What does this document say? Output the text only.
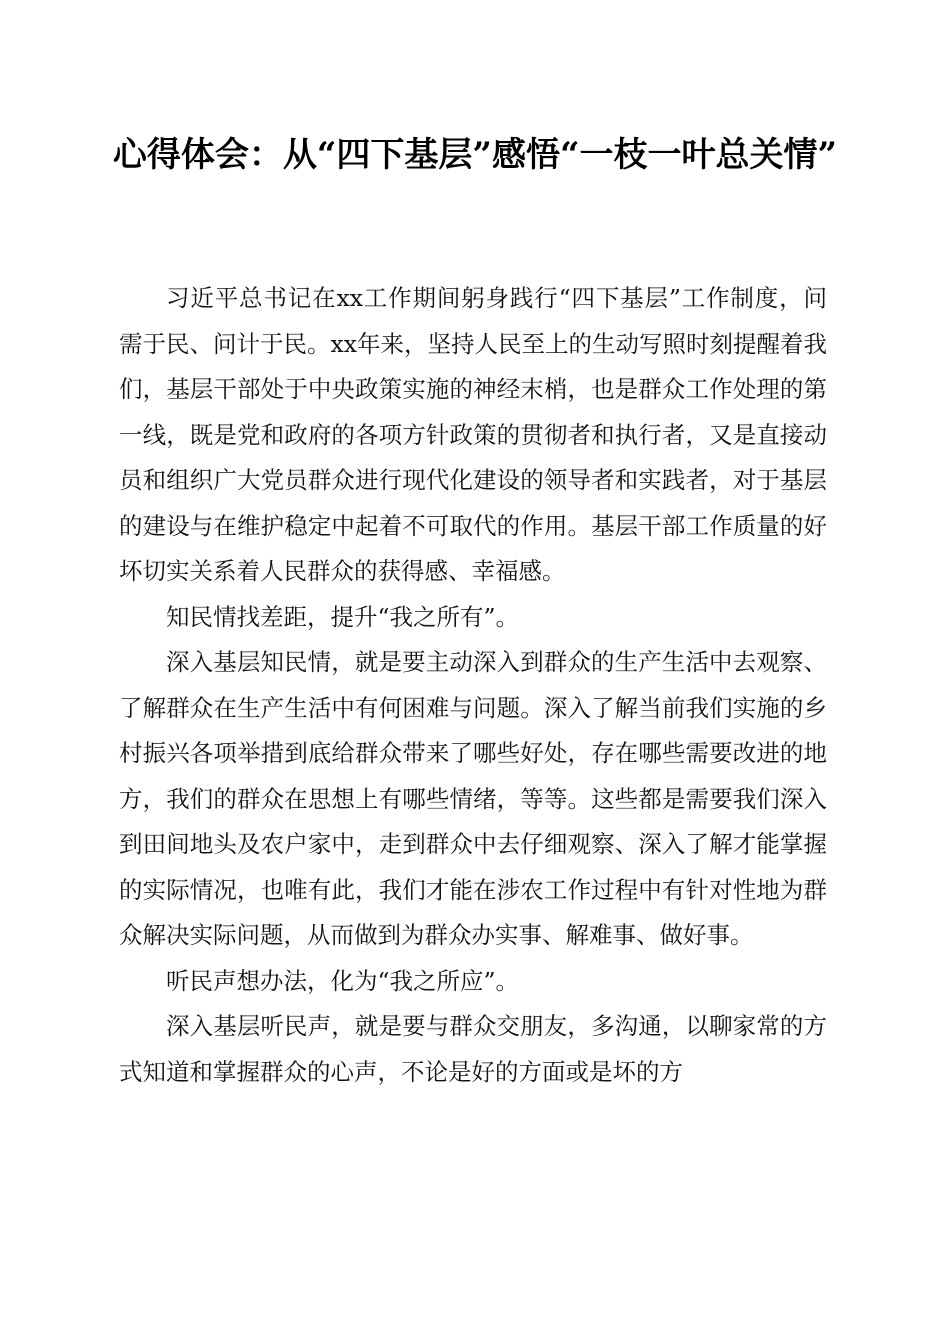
心得体会：从“四下基层”感悟“一枝一叶总关情”

习近平总书记在xx工作期间躬身践行“四下基层”工作制度，问需于民、问计于民。xx年来，坚持人民至上的生动写照时刻提醒着我们，基层干部处于中央政策实施的神经末梢，也是群众工作处理的第一线，既是党和政府的各项方针政策的贯彻者和执行者，又是直接动员和组织广大党员群众进行现代化建设的领导者和实践者，对于基层的建设与在维护稳定中起着不可取代的作用。基层干部工作质量的好坏切实关系着人民群众的获得感、幸福感。

知民情找差距，提升“我之所有”。

深入基层知民情，就是要主动深入到群众的生产生活中去观察、了解群众在生产生活中有何困难与问题。深入了解当前我们实施的乡村振兴各项举措到底给群众带来了哪些好处，存在哪些需要改进的地方，我们的群众在思想上有哪些情绪，等等。这些都是需要我们深入到田间地头及农户家中，走到群众中去仔细观察、深入了解才能掌握的实际情况，也唯有此，我们才能在涉农工作过程中有针对性地为群众解决实际问题，从而做到为群众办实事、解难事、做好事。

听民声想办法，化为“我之所应”。

深入基层听民声，就是要与群众交朋友，多沟通，以聊家常的方式知道和掌握群众的心声，不论是好的方面或是坏的方
